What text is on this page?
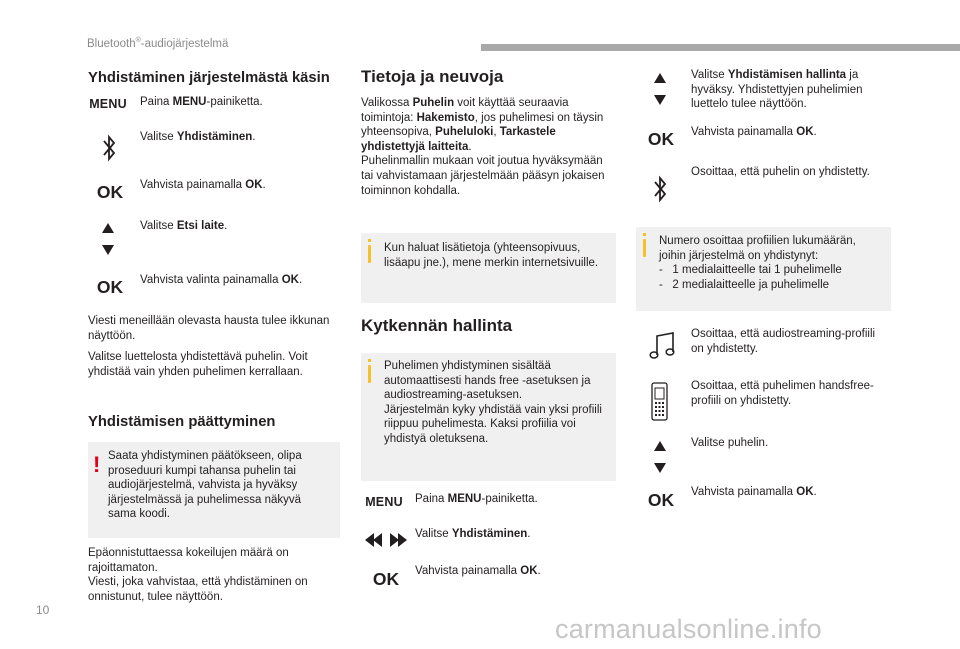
Bluetooth®-audiojärjestelmä
Yhdistäminen järjestelmästä käsin
MENU Paina MENU-painiketta.
Valitse Yhdistäminen.
OK	Vahvista painamalla OK.
Valitse Etsi laite.
OK	Vahvista valinta painamalla OK.
Viesti meneillään olevasta hausta tulee ikkunan näyttöön.
Valitse luettelosta yhdistettävä puhelin. Voit yhdistää vain yhden puhelimen kerrallaan.
Yhdistämisen päättyminen
! Saata yhdistyminen päätökseen, olipa proseduuri kumpi tahansa puhelin tai audiojärjestelmä, vahvista ja hyväksy järjestelmässä ja puhelimessa näkyvä sama koodi.
Epäonnistuttaessa kokeilujen määrä on rajoittamaton.
Viesti, joka vahvistaa, että yhdistäminen on onnistunut, tulee näyttöön.
Tietoja ja neuvoja
Valikossa Puhelin voit käyttää seuraavia toimintoja: Hakemisto, jos puhelimesi on täysin yhteensopiva, Puheluloki, Tarkastele yhdistettyjä laitteita.
Puhelinmallin mukaan voit joutua hyväksymään tai vahvistamaan järjestelmään pääsyn jokaisen toiminnon kohdalla.
Kun haluat lisätietoja (yhteensopivuus, lisäapu jne.), mene merkin internetsivuille.
Kytkennän hallinta
Puhelimen yhdistyminen sisältää automaattisesti hands free -asetuksen ja audiostreaming-asetuksen.
Järjestelmän kyky yhdistää vain yksi profiili riippuu puhelimesta. Kaksi profiilia voi yhdistyä oletuksena.
MENU	Paina MENU-painiketta.
Valitse Yhdistäminen.
OK	Vahvista painamalla OK.
Valitse Yhdistämisen hallinta ja hyväksy. Yhdistettyjen puhelimien luettelo tulee näyttöön.
OK	Vahvista painamalla OK.
Osoittaa, että puhelin on yhdistetty.
Numero osoittaa profiilien lukumäärän, joihin järjestelmä on yhdistynyt:
-   1 medialaitteelle tai 1 puhelimelle
-   2 medialaitteelle ja puhelimelle
Osoittaa, että audiostreaming-profiili on yhdistetty.
Osoittaa, että puhelimen handsfree-profiili on yhdistetty.
Valitse puhelin.
OK	Vahvista painamalla OK.
10
carmanualsonline.info
